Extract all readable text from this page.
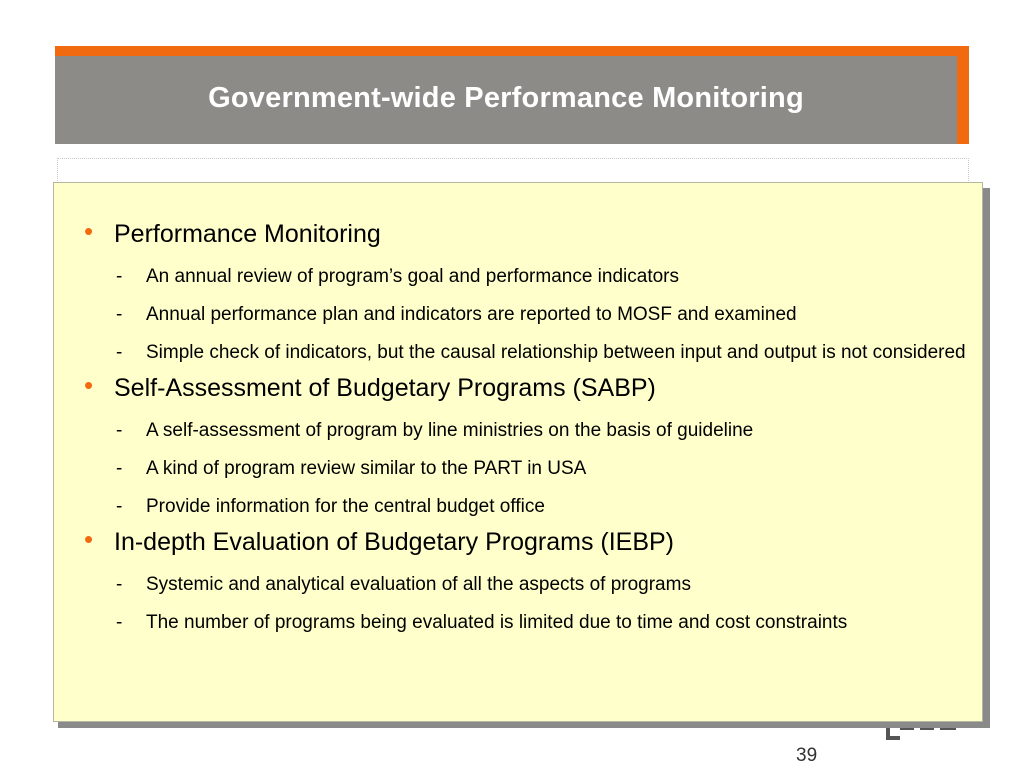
Government-wide Performance Monitoring
• Performance Monitoring
- An annual review of program’s goal and performance indicators
- Annual performance plan and indicators are reported to MOSF and examined
- Simple check of indicators, but the causal relationship between input and output is not considered
• Self-Assessment of Budgetary Programs (SABP)
- A self-assessment of program by line ministries on the basis of guideline
- A kind of program review similar to the PART in USA
- Provide information for the central budget office
• In-depth Evaluation of Budgetary Programs (IEBP)
- Systemic and analytical evaluation of all the aspects of programs
- The number of programs being evaluated is limited due to time and cost constraints
39
